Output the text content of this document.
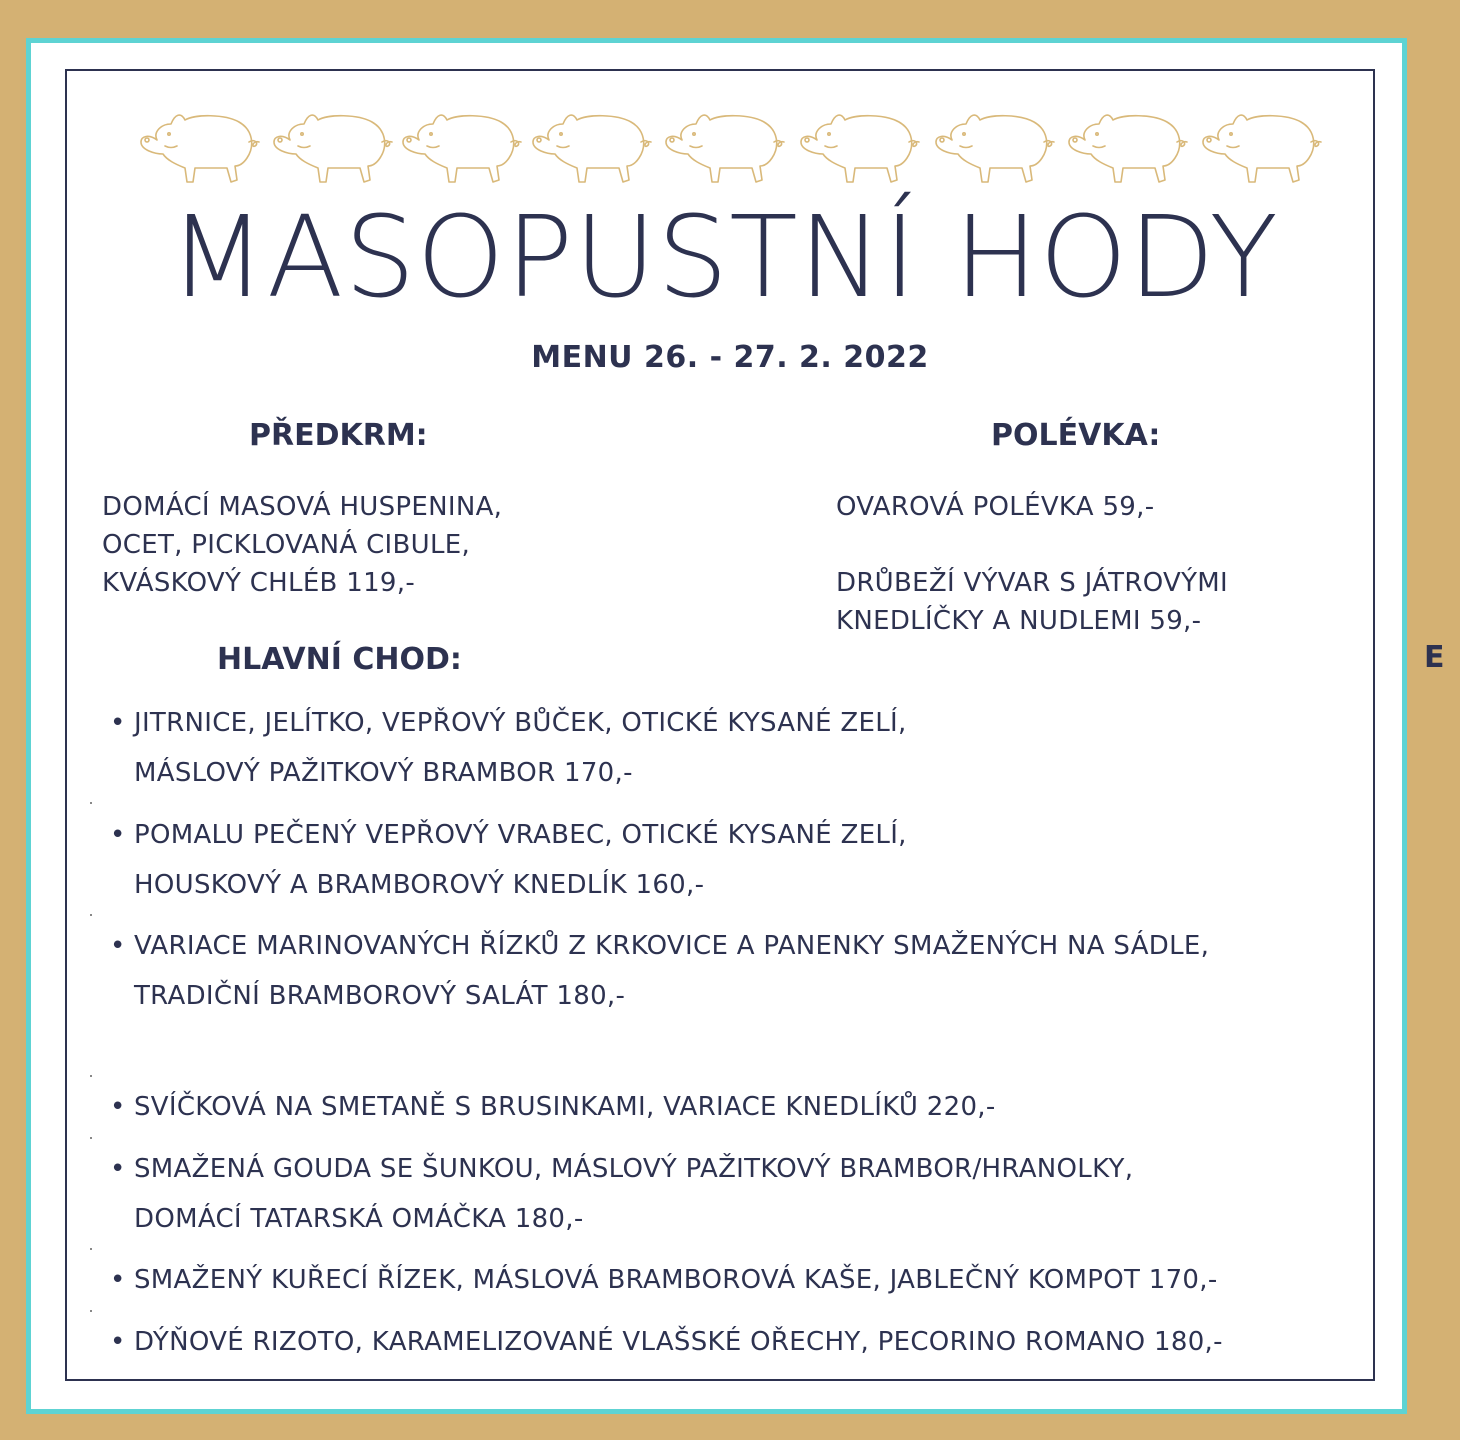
MASOPUSTNÍ HODY
MENU 26. - 27. 2. 2022
PŘEDKRM:
DOMÁCÍ MASOVÁ HUSPENINA,
OCET, PICKLOVANÁ CIBULE,
KVÁSKOVÝ CHLÉB 119,-
POLÉVKA:
OVAROVÁ POLÉVKA 59,-
DRŮBEŽÍ VÝVAR S JÁTROVÝMI
KNEDLÍČKY A NUDLEMI 59,-
HLAVNÍ CHOD:
• JITRNICE, JELÍTKO, VEPŘOVÝ BŮČEK, OTICKÉ KYSANÉ ZELÍ,
MÁSLOVÝ PAŽITKOVÝ BRAMBOR 170,-
• POMALU PEČENÝ VEPŘOVÝ VRABEC, OTICKÉ KYSANÉ ZELÍ,
HOUSKOVÝ A BRAMBOROVÝ KNEDLÍK 160,-
• VARIACE MARINOVANÝCH ŘÍZKŮ Z KRKOVICE A PANENKY SMAŽENÝCH NA SÁDLE,
TRADIČNÍ BRAMBOROVÝ SALÁT 180,-
• SVÍČKOVÁ NA SMETANĚ S BRUSINKAMI, VARIACE KNEDLÍKŮ 220,-
• SMAŽENÁ GOUDA SE ŠUNKOU, MÁSLOVÝ PAŽITKOVÝ BRAMBOR/HRANOLKY,
DOMÁCÍ TATARSKÁ OMÁČKA 180,-
• SMAŽENÝ KUŘECÍ ŘÍZEK, MÁSLOVÁ BRAMBOROVÁ KAŠE, JABLEČNÝ KOMPOT 170,-
• DÝŇOVÉ RIZOTO, KARAMELIZOVANÉ VLAŠSKÉ OŘECHY, PECORINO ROMANO 180,-
E
